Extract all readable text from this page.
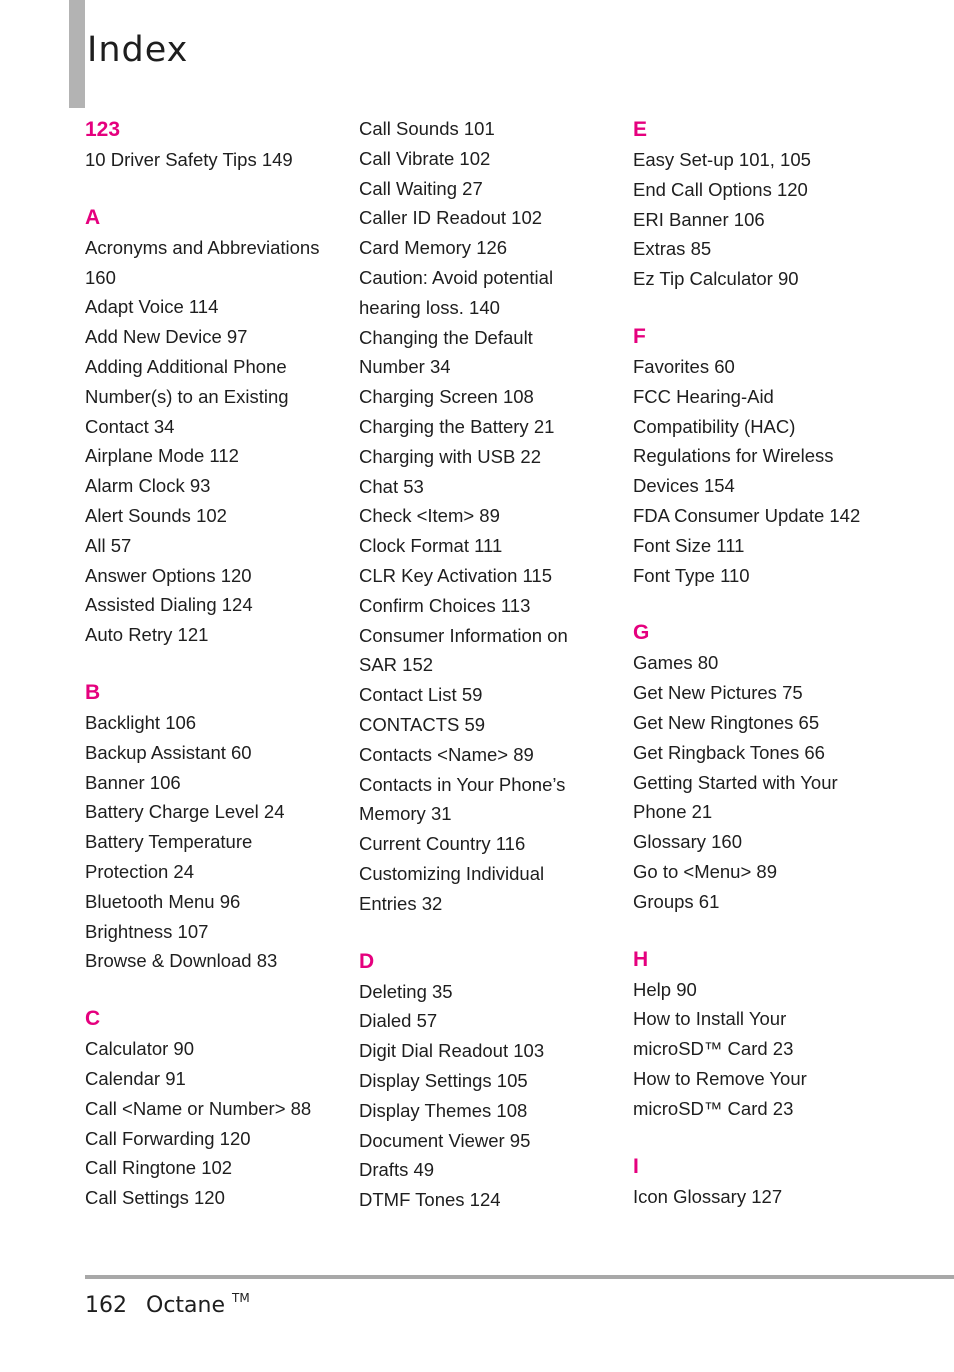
Index
123
10 Driver Safety Tips 149
A
Acronyms and Abbreviations
160
Adapt Voice 114
Add New Device 97
Adding Additional Phone
Number(s) to an Existing
Contact 34
Airplane Mode 112
Alarm Clock 93
Alert Sounds 102
All 57
Answer Options 120
Assisted Dialing 124
Auto Retry 121
B
Backlight 106
Backup Assistant 60
Banner 106
Battery Charge Level 24
Battery Temperature
Protection 24
Bluetooth Menu 96
Brightness 107
Browse & Download 83
C
Calculator 90
Calendar 91
Call <Name or Number> 88
Call Forwarding 120
Call Ringtone 102
Call Settings 120
Call Sounds 101
Call Vibrate 102
Call Waiting 27
Caller ID Readout 102
Card Memory 126
Caution: Avoid potential
hearing loss. 140
Changing the Default
Number 34
Charging Screen 108
Charging the Battery 21
Charging with USB 22
Chat 53
Check <Item> 89
Clock Format 111
CLR Key Activation 115
Confirm Choices 113
Consumer Information on
SAR 152
Contact List 59
CONTACTS 59
Contacts <Name> 89
Contacts in Your Phone’s
Memory 31
Current Country 116
Customizing Individual
Entries 32
D
Deleting 35
Dialed 57
Digit Dial Readout 103
Display Settings 105
Display Themes 108
Document Viewer 95
Drafts 49
DTMF Tones 124
E
Easy Set-up 101, 105
End Call Options 120
ERI Banner 106
Extras 85
Ez Tip Calculator 90
F
Favorites 60
FCC Hearing-Aid
Compatibility (HAC)
Regulations for Wireless
Devices 154
FDA Consumer Update 142
Font Size 111
Font Type 110
G
Games 80
Get New Pictures 75
Get New Ringtones 65
Get Ringback Tones 66
Getting Started with Your
Phone 21
Glossary 160
Go to <Menu> 89
Groups 61
H
Help 90
How to Install Your
microSD™ Card 23
How to Remove Your
microSD™ Card 23
I
Icon Glossary 127
162 Octane ™
